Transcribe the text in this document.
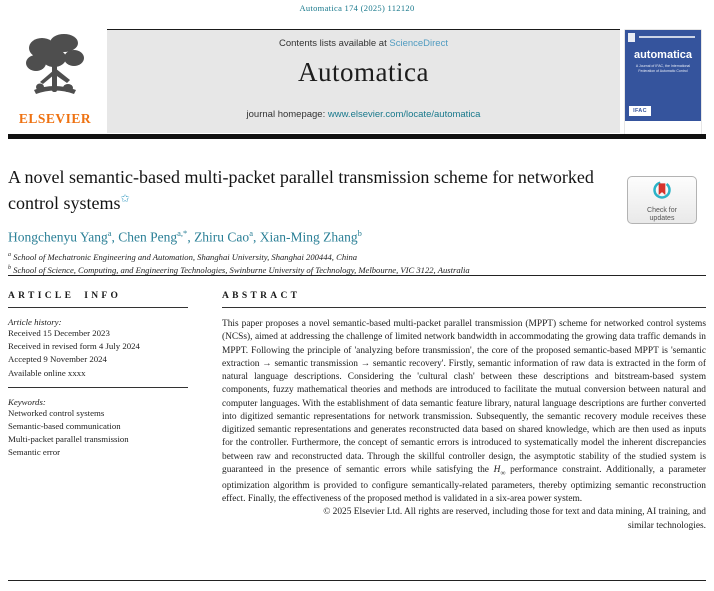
Automatica 174 (2025) 112120
ELSEVIER
Contents lists available at ScienceDirect
Automatica
journal homepage: www.elsevier.com/locate/automatica
automatica
A Journal of IFAC, the International Federation of Automatic Control
IFAC
A novel semantic-based multi-packet parallel transmission scheme for networked control systems✩
Check for
updates
Hongchenyu Yang$^a$, Chen Peng$^{a,*}$, Zhiru Cao$^a$, Xian-Ming Zhang$^b$
$^a$ School of Mechatronic Engineering and Automation, Shanghai University, Shanghai 200444, China
$^b$ School of Science, Computing, and Engineering Technologies, Swinburne University of Technology, Melbourne, VIC 3122, Australia
ARTICLE INFO
Article history:
Received 15 December 2023
Received in revised form 4 July 2024
Accepted 9 November 2024
Available online xxxx
Keywords:
Networked control systems
Semantic-based communication
Multi-packet parallel transmission
Semantic error
ABSTRACT

This paper proposes a novel semantic-based multi-packet parallel transmission (MPPT) scheme for networked control systems (NCSs), aimed at addressing the challenge of limited network bandwidth in accommodating the growing data traffic demands in MPPT. Following the principle of 'analyzing before transmission', the core of the proposed semantic-based MPPT is 'semantic extraction → semantic transmission → semantic recovery'. Firstly, semantic information of raw data is extracted in the form of natural language descriptions. Considering the 'cultural clash' between these descriptions and bitstream-based system components, fuzzy mathematical theories and methods are introduced to facilitate the mutual conversion between natural and computer languages. With the establishment of data semantic feature library, natural language descriptions are further converted into digitized semantic representations for network transmission. Subsequently, the semantic recovery module receives these digitized semantic representations and generates reconstructed data based on shared knowledge, which are then used as inputs for the controller. Furthermore, the concept of semantic errors is introduced to systematically model the inherent discrepancies between raw and reconstructed data. Through the skillful controller design, the asymptotic stability of the studied system is guaranteed in the presence of semantic errors while satisfying the $H_\infty$ performance constraint. Additionally, a parameter optimization algorithm is provided to configure semantically-related parameters, thereby optimizing semantic reconstruction effect. Finally, the effectiveness of the proposed method is validated in a six-area power system.

© 2025 Elsevier Ltd. All rights are reserved, including those for text and data mining, AI training, and
similar technologies.
